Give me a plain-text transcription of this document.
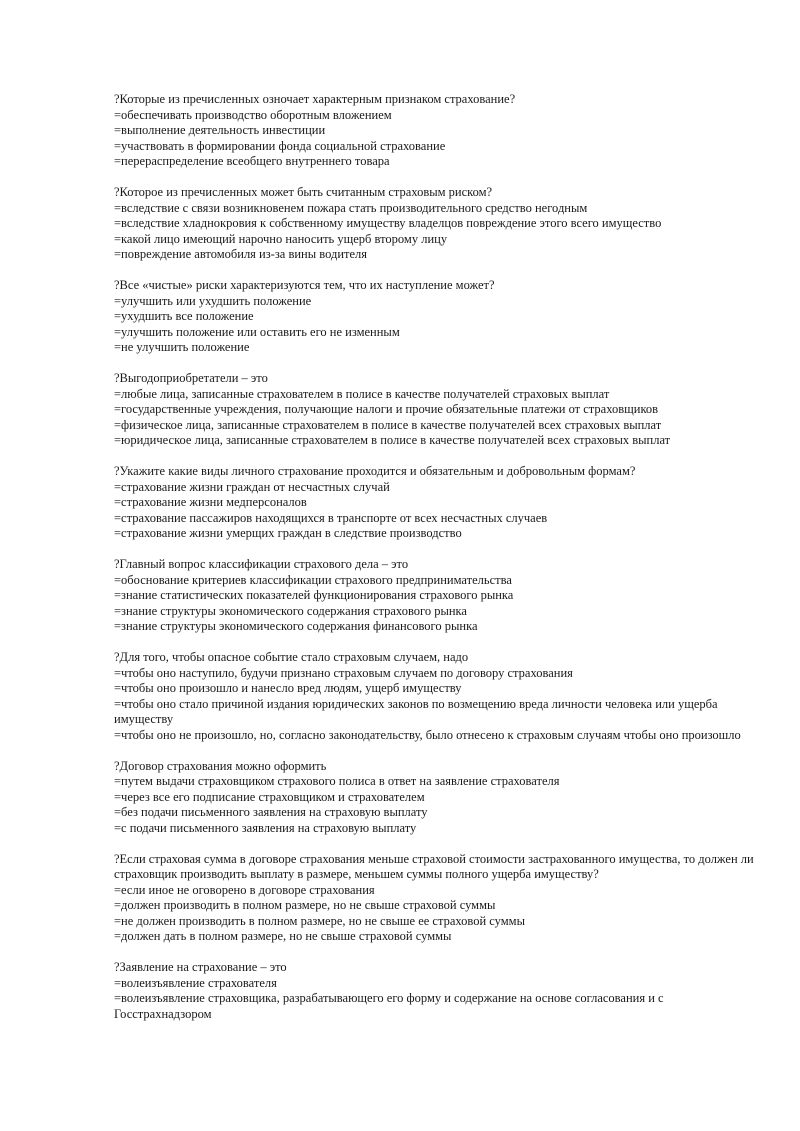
?Которые из пречисленных озночает характерным признаком страхование?
=обеспечивать производство оборотным вложением
=выполнение деятельность инвестиции
=участвовать в формировании фонда социальной страхование
=перераспределение всеобщего внутреннего товара
?Которое из пречисленных может быть считанным страховым риском?
=вследствие с связи возникновенем пожара стать производительного средство негодным
=вследствие хладнокровия к собственному имуществу владелцов повреждение этого всего имущество
=какой лицо имеющий нарочно наносить ущерб второму лицу
=повреждение автомобиля из-за вины водителя
?Все «чистые» риски характеризуются тем, что их наступление может?
=улучшить или ухудшить положение
=ухудшить все положение
=улучшить положение или оставить его не изменным
=не улучшить положение
?Выгодоприобретатели – это
=любые лица, записанные страхователем в полисе в качестве получателей страховых выплат
=государственные учреждения, получающие налоги и прочие обязательные платежи от страховщиков
=физическое лица, записанные страхователем в полисе в качестве получателей всех страховых выплат
=юридическое лица, записанные страхователем в полисе в качестве получателей всех страховых выплат
?Укажите какие виды личного страхование проходится и обязательным и добровольным формам?
=страхование жизни граждан от несчастных случай
=страхование жизни медперсоналов
=страхование пассажиров находящихся в транспорте от всех несчастных случаев
=страхование жизни умерщих граждан в следствие производство
?Главный вопрос классификации страхового дела – это
=обоснование критериев классификации страхового предпринимательства
=знание статистических показателей функционирования страхового рынка
=знание структуры экономического содержания страхового рынка
=знание структуры экономического содержания финансового рынка
?Для того, чтобы опасное событие стало страховым случаем, надо
=чтобы оно наступило, будучи признано страховым случаем по договору страхования
=чтобы оно произошло и нанесло вред людям, ущерб имуществу
=чтобы оно стало причиной издания юридических законов по возмещению вреда личности человека или ущерба имуществу
=чтобы оно не произошло, но, согласно законодательству, было отнесено к страховым случаям чтобы оно произошло
?Договор страхования можно оформить
=путем выдачи страховщиком страхового полиса в ответ на заявление страхователя
=через все его подписание страховщиком и страхователем
=без подачи письменного заявления на страховую выплату
=с подачи письменного заявления на страховую выплату
?Если страховая сумма в договоре страхования меньше страховой стоимости застрахованного имущества, то должен ли страховщик производить выплату в размере, меньшем суммы полного ущерба имуществу?
=если иное не оговорено в договоре страхования
=должен производить в полном размере, но не свыше страховой суммы
=не должен производить в полном размере, но не свыше ее страховой суммы
=должен дать в полном размере, но не свыше страховой суммы
?Заявление на страхование – это
=волеизъявление страхователя
=волеизъявление страховщика, разрабатывающего его форму и содержание на основе согласования и с Госстрахнадзором
